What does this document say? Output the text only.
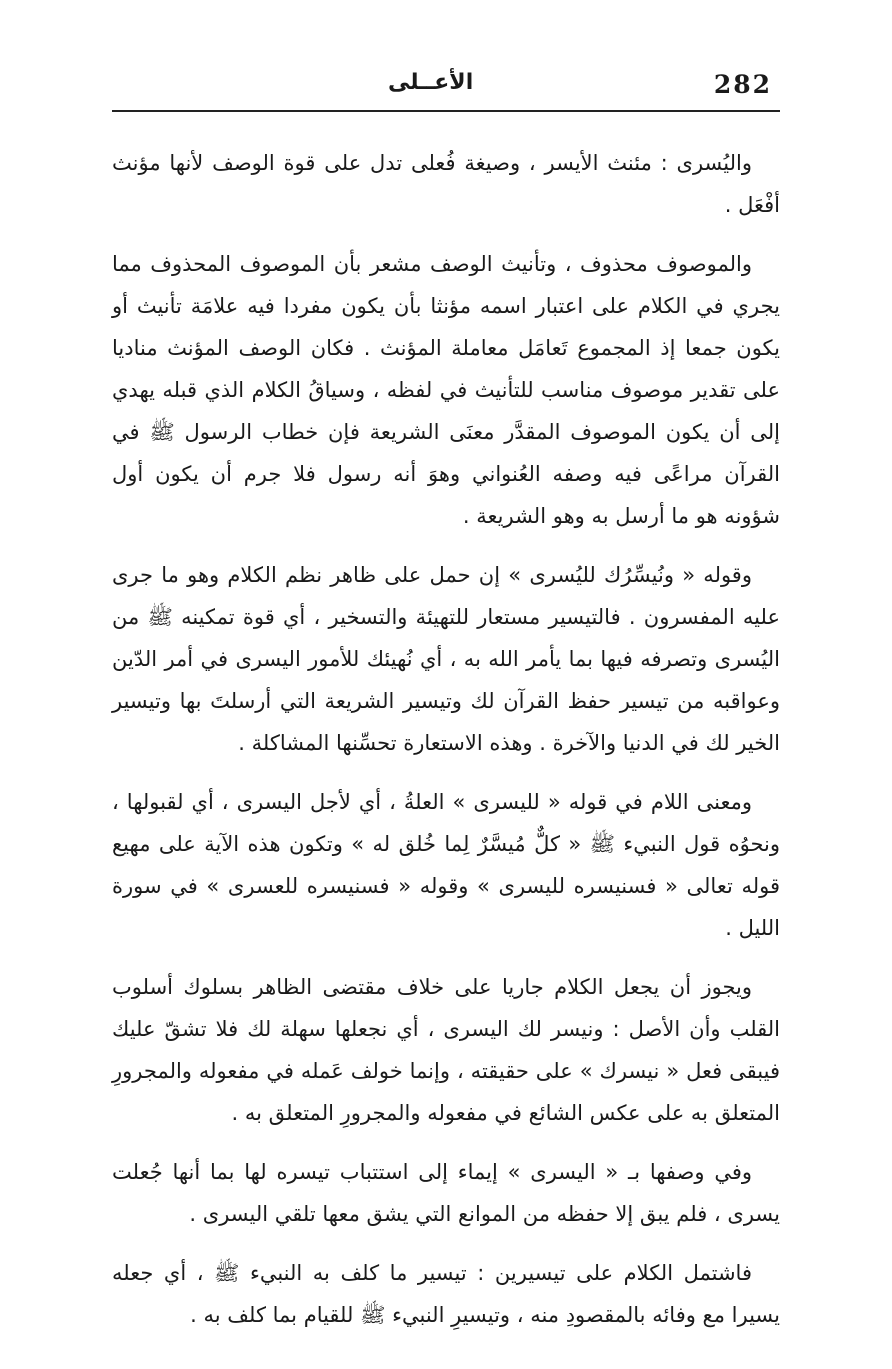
282
الأعــلى

واليُسرى : مئنث الأيسر ، وصيغة فُعلى تدل على قوة الوصف لأنها مؤنث أفْعَل .

والموصوف محذوف ، وتأنيث الوصف مشعر بأن الموصوف المحذوف مما يجري في الكلام على اعتبار اسمه مؤنثا بأن يكون مفردا فيه علامَة تأنيث أو يكون جمعا إذ المجموع تَعامَل معاملة المؤنث . فكان الوصف المؤنث مناديا على تقدير موصوف مناسب للتأنيث في لفظه ، وسياقُ الكلام الذي قبله يهدي إلى أن يكون الموصوف المقدَّر معنَى الشريعة فإن خطاب الرسول ﷺ في القرآن مراعًى فيه وصفه العُنواني وهوَ أنه رسول فلا جرم أن يكون أول شؤونه هو ما أرسل به وهو الشريعة .

وقوله « ونُيسِّرُك لليُسرى » إن حمل على ظاهر نظم الكلام وهو ما جرى عليه المفسرون . فالتيسير مستعار للتهيئة والتسخير ، أي قوة تمكينه ﷺ من اليُسرى وتصرفه فيها بما يأمر الله به ، أي نُهيئك للأمور اليسرى في أمر الدّين وعواقبه من تيسير حفظ القرآن لك وتيسير الشريعة التي أرسلتَ بها وتيسير الخير لك في الدنيا والآخرة . وهذه الاستعارة تحسِّنها المشاكلة .

ومعنى اللام في قوله « لليسرى » العلةُ ، أي لأجل اليسرى ، أي لقبولها ، ونحوُه قول النبيء ﷺ « كلٌّ مُيسَّرٌ لِما خُلق له » وتكون هذه الآية على مهيع قوله تعالى « فسنيسره لليسرى » وقوله « فسنيسره للعسرى » في سورة الليل .

ويجوز أن يجعل الكلام جاريا على خلاف مقتضى الظاهر بسلوك أسلوب القلب وأن الأصل : ونيسر لك اليسرى ، أي نجعلها سهلة لك فلا تشقّ عليك فيبقى فعل « نيسرك » على حقيقته ، وإنما خولف عَمله في مفعوله والمجرورِ المتعلق به على عكس الشائع في مفعوله والمجرورِ المتعلق به .

وفي وصفها بـ « اليسرى » إيماء إلى استتباب تيسره لها بما أنها جُعلت يسرى ، فلم يبق إلا حفظه من الموانع التي يشق معها تلقي اليسرى .

فاشتمل الكلام على تيسيرين : تيسير ما كلف به النبيء ﷺ ، أي جعله يسيرا مع وفائه بالمقصودِ منه ، وتيسيرِ النبيء ﷺ للقيام بما كلف به .
